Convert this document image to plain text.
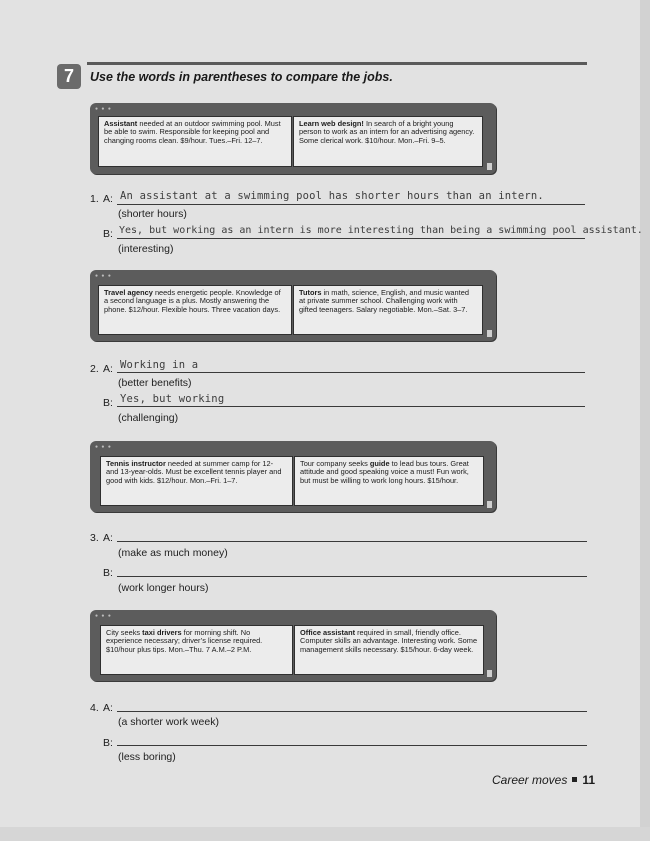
7	Use the words in parentheses to compare the jobs.
● ● ●
Assistant needed at an outdoor swimming pool. Must be able to swim. Responsible for keeping pool and changing rooms clean. $9/hour. Tues.–Fri. 12–7.
Learn web design! In search of a bright young person to work as an intern for an advertising agency. Some clerical work. $10/hour. Mon.–Fri. 9–5.
1. A: An assistant at a swimming pool has shorter hours than an intern.
(shorter hours)
B: Yes, but working as an intern is more interesting than being a swimming pool assistant.
(interesting)
● ● ●
Travel agency needs energetic people. Knowledge of a second language is a plus. Mostly answering the phone. $12/hour. Flexible hours. Three vacation days.
Tutors in math, science, English, and music wanted at private summer school. Challenging work with gifted teenagers. Salary negotiable. Mon.–Sat. 3–7.
2. A: Working in a
(better benefits)
B: Yes, but working
(challenging)
● ● ●
Tennis instructor needed at summer camp for 12- and 13-year-olds. Must be excellent tennis player and good with kids. $12/hour. Mon.–Fri. 1–7.
Tour company seeks guide to lead bus tours. Great attitude and good speaking voice a must! Fun work, but must be willing to work long hours. $15/hour.
3. A:
(make as much money)
B:
(work longer hours)
● ● ●
City seeks taxi drivers for morning shift. No experience necessary; driver’s license required. $10/hour plus tips. Mon.–Thu. 7 A.M.–2 P.M.
Office assistant required in small, friendly office. Computer skills an advantage. Interesting work. Some management skills necessary. $15/hour. 6-day week.
4. A:
(a shorter work week)
B:
(less boring)
Career moves 11
